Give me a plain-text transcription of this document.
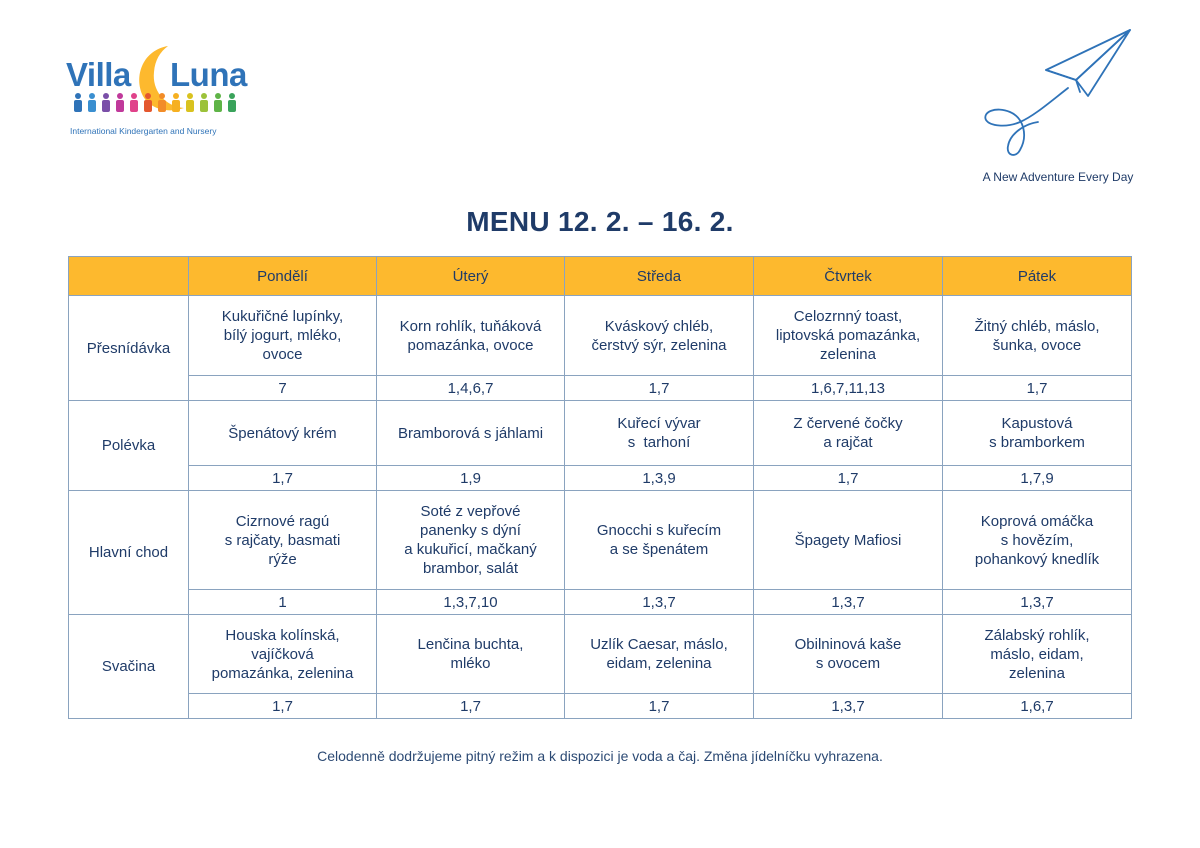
Villa Luna
International Kindergarten and Nursery
A New Adventure Every Day
MENU 12. 2. – 16. 2.
	Pondělí	Úterý	Středa	Čtvrtek	Pátek
Přesnídávka	Kukuřičné lupínky,
bílý jogurt, mléko,
ovoce	Korn rohlík, tuňáková
pomazánka, ovoce	Kváskový chléb,
čerstvý sýr, zelenina	Celozrnný toast,
liptovská pomazánka,
zelenina	Žitný chléb, máslo,
šunka, ovoce
	7	1,4,6,7	1,7	1,6,7,11,13	1,7
Polévka	Špenátový krém	Bramborová s jáhlami	Kuřecí vývar
s  tarhoní	Z červené čočky
a rajčat	Kapustová
s bramborkem
	1,7	1,9	1,3,9	1,7	1,7,9
Hlavní chod	Cizrnové ragú
s rajčaty, basmati
rýže	Soté z vepřové
panenky s dýní
a kukuřicí, mačkaný
brambor, salát	Gnocchi s kuřecím
a se špenátem	Špagety Mafiosi	Koprová omáčka
s hovězím,
pohankový knedlík
	1	1,3,7,10	1,3,7	1,3,7	1,3,7
Svačina	Houska kolínská,
vajíčková
pomazánka, zelenina	Lenčina buchta,
mléko	Uzlík Caesar, máslo,
eidam, zelenina	Obilninová kaše
s ovocem	Zálabský rohlík,
máslo, eidam,
zelenina
	1,7	1,7	1,7	1,3,7	1,6,7
Celodenně dodržujeme pitný režim a k dispozici je voda a čaj. Změna jídelníčku vyhrazena.
